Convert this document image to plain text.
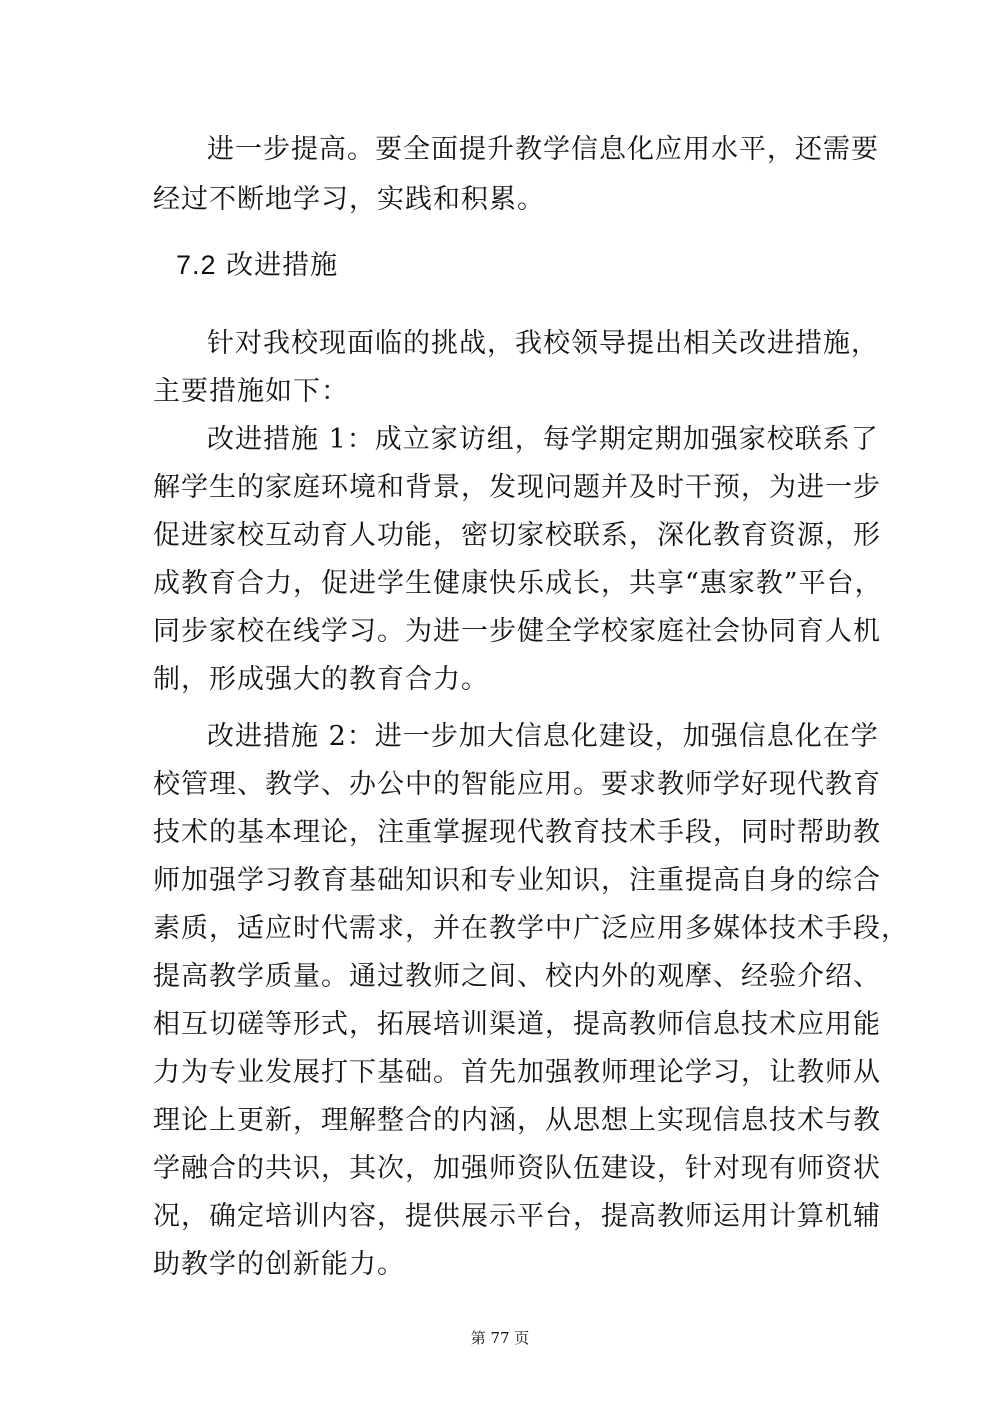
进一步提高。要全面提升教学信息化应用水平，还需要
经过不断地学习，实践和积累。
7.2 改进措施
针对我校现面临的挑战，我校领导提出相关改进措施，
主要措施如下：
改进措施 1：成立家访组，每学期定期加强家校联系了
解学生的家庭环境和背景，发现问题并及时干预，为进一步
促进家校互动育人功能，密切家校联系，深化教育资源，形
成教育合力，促进学生健康快乐成长，共享“惠家教”平台，
同步家校在线学习。为进一步健全学校家庭社会协同育人机
制，形成强大的教育合力。
改进措施 2：进一步加大信息化建设，加强信息化在学
校管理、教学、办公中的智能应用。要求教师学好现代教育
技术的基本理论，注重掌握现代教育技术手段，同时帮助教
师加强学习教育基础知识和专业知识，注重提高自身的综合
素质，适应时代需求，并在教学中广泛应用多媒体技术手段，
提高教学质量。通过教师之间、校内外的观摩、经验介绍、
相互切磋等形式，拓展培训渠道，提高教师信息技术应用能
力为专业发展打下基础。首先加强教师理论学习，让教师从
理论上更新，理解整合的内涵，从思想上实现信息技术与教
学融合的共识，其次，加强师资队伍建设，针对现有师资状
况，确定培训内容，提供展示平台，提高教师运用计算机辅
助教学的创新能力。
第 77 页
